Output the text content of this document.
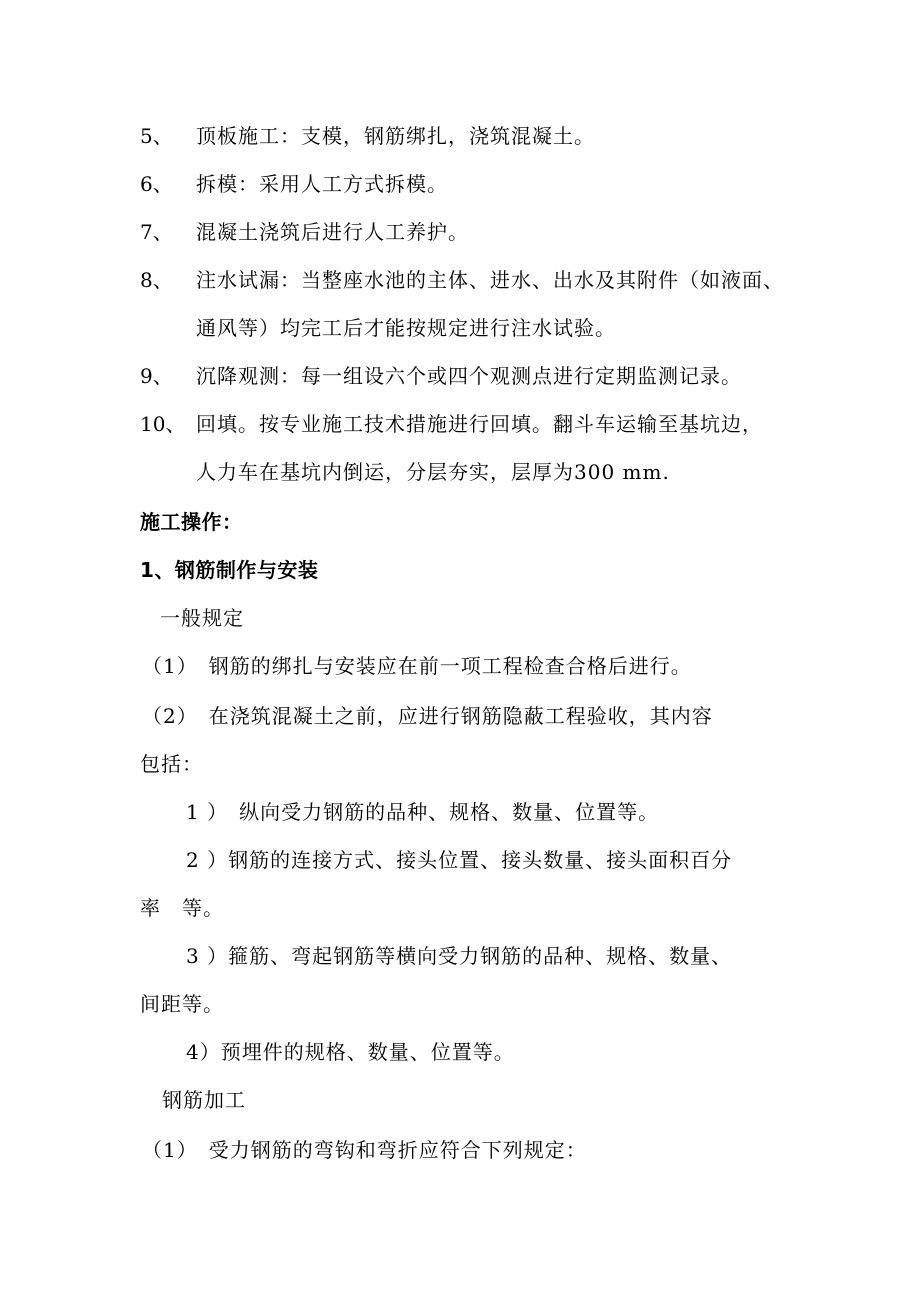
5、 顶板施工：支模，钢筋绑扎，浇筑混凝土。
6、 拆模：采用人工方式拆模。
7、 混凝土浇筑后进行人工养护。
8、 注水试漏：当整座水池的主体、进水、出水及其附件（如液面、
通风等）均完工后才能按规定进行注水试验。
9、 沉降观测：每一组设六个或四个观测点进行定期监测记录。
10、 回填。按专业施工技术措施进行回填。翻斗车运输至基坑边，
人力车在基坑内倒运，分层夯实，层厚为300 mm.
施工操作：
1、钢筋制作与安装
一般规定
（1）　钢筋的绑扎与安装应在前一项工程检查合格后进行。
（2）　在浇筑混凝土之前，应进行钢筋隐蔽工程验收，其内容
包括：
1 ）　纵向受力钢筋的品种、规格、数量、位置等。
2 ）钢筋的连接方式、接头位置、接头数量、接头面积百分
率　等。
3 ）箍筋、弯起钢筋等横向受力钢筋的品种、规格、数量、
间距等。
4）预埋件的规格、数量、位置等。
钢筋加工
（1）　受力钢筋的弯钩和弯折应符合下列规定：
